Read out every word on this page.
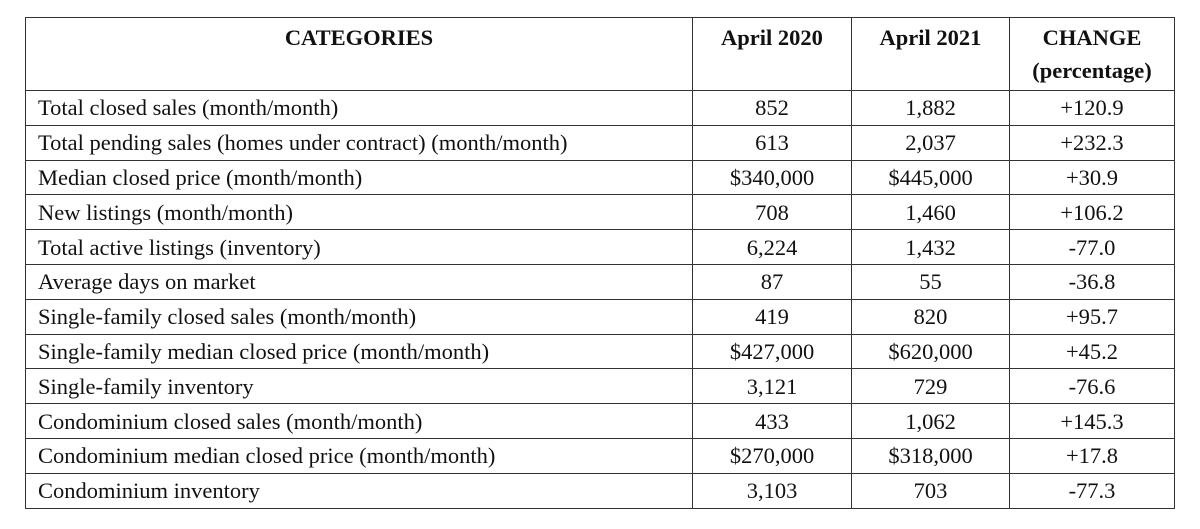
CATEGORIES	April 2020	April 2021	CHANGE
(percentage)
Total closed sales (month/month)	852	1,882	+120.9
Total pending sales (homes under contract) (month/month)	613	2,037	+232.3
Median closed price (month/month)	$340,000	$445,000	+30.9
New listings (month/month)	708	1,460	+106.2
Total active listings (inventory)	6,224	1,432	-77.0
Average days on market	87	55	-36.8
Single-family closed sales (month/month)	419	820	+95.7
Single-family median closed price (month/month)	$427,000	$620,000	+45.2
Single-family inventory	3,121	729	-76.6
Condominium closed sales (month/month)	433	1,062	+145.3
Condominium median closed price (month/month)	$270,000	$318,000	+17.8
Condominium inventory	3,103	703	-77.3
